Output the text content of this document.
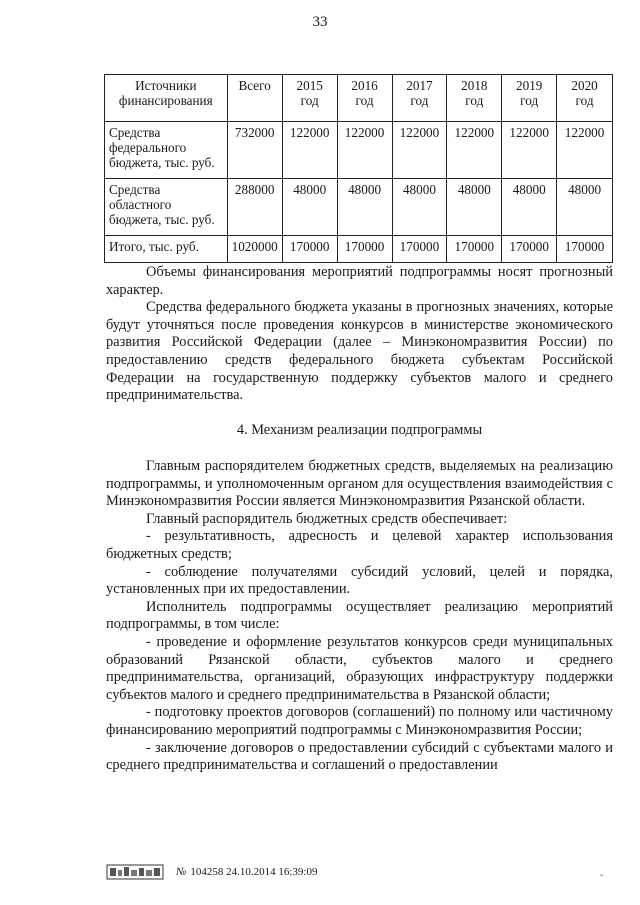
33
Источники финансирования	Всего	2015 год	2016 год	2017 год	2018 год	2019 год	2020 год
Средства федерального бюджета, тыс. руб.	732000	122000	122000	122000	122000	122000	122000
Средства областного бюджета, тыс. руб.	288000	48000	48000	48000	48000	48000	48000
Итого, тыс. руб.	1020000	170000	170000	170000	170000	170000	170000

Объемы финансирования мероприятий подпрограммы носят прогнозный характер.

Средства федерального бюджета указаны в прогнозных значениях, которые будут уточняться после проведения конкурсов в министерстве экономического развития Российской Федерации (далее – Минэкономразвития России) по предоставлению средств федерального бюджета субъектам Российской Федерации на государственную поддержку субъектов малого и среднего предпринимательства.

4. Механизм реализации подпрограммы

Главным распорядителем бюджетных средств, выделяемых на реализацию подпрограммы, и уполномоченным органом для осуществления взаимодействия с Минэкономразвития России является Минэкономразвития Рязанской области.

Главный распорядитель бюджетных средств обеспечивает:

- результативность, адресность и целевой характер использования бюджетных средств;

- соблюдение получателями субсидий условий, целей и порядка, установленных при их предоставлении.

Исполнитель подпрограммы осуществляет реализацию мероприятий подпрограммы, в том числе:

- проведение и оформление результатов конкурсов среди муниципальных образований Рязанской области, субъектов малого и среднего предпринимательства, организаций, образующих инфраструктуру поддержки субъектов малого и среднего предпринимательства в Рязанской области;

- подготовку проектов договоров (соглашений) по полному или частичному финансированию мероприятий подпрограммы с Минэкономразвития России;

- заключение договоров о предоставлении субсидий с субъектами малого и среднего предпринимательства и соглашений о предоставлении

№ 104258 24.10.2014 16:39:09
ˇ
